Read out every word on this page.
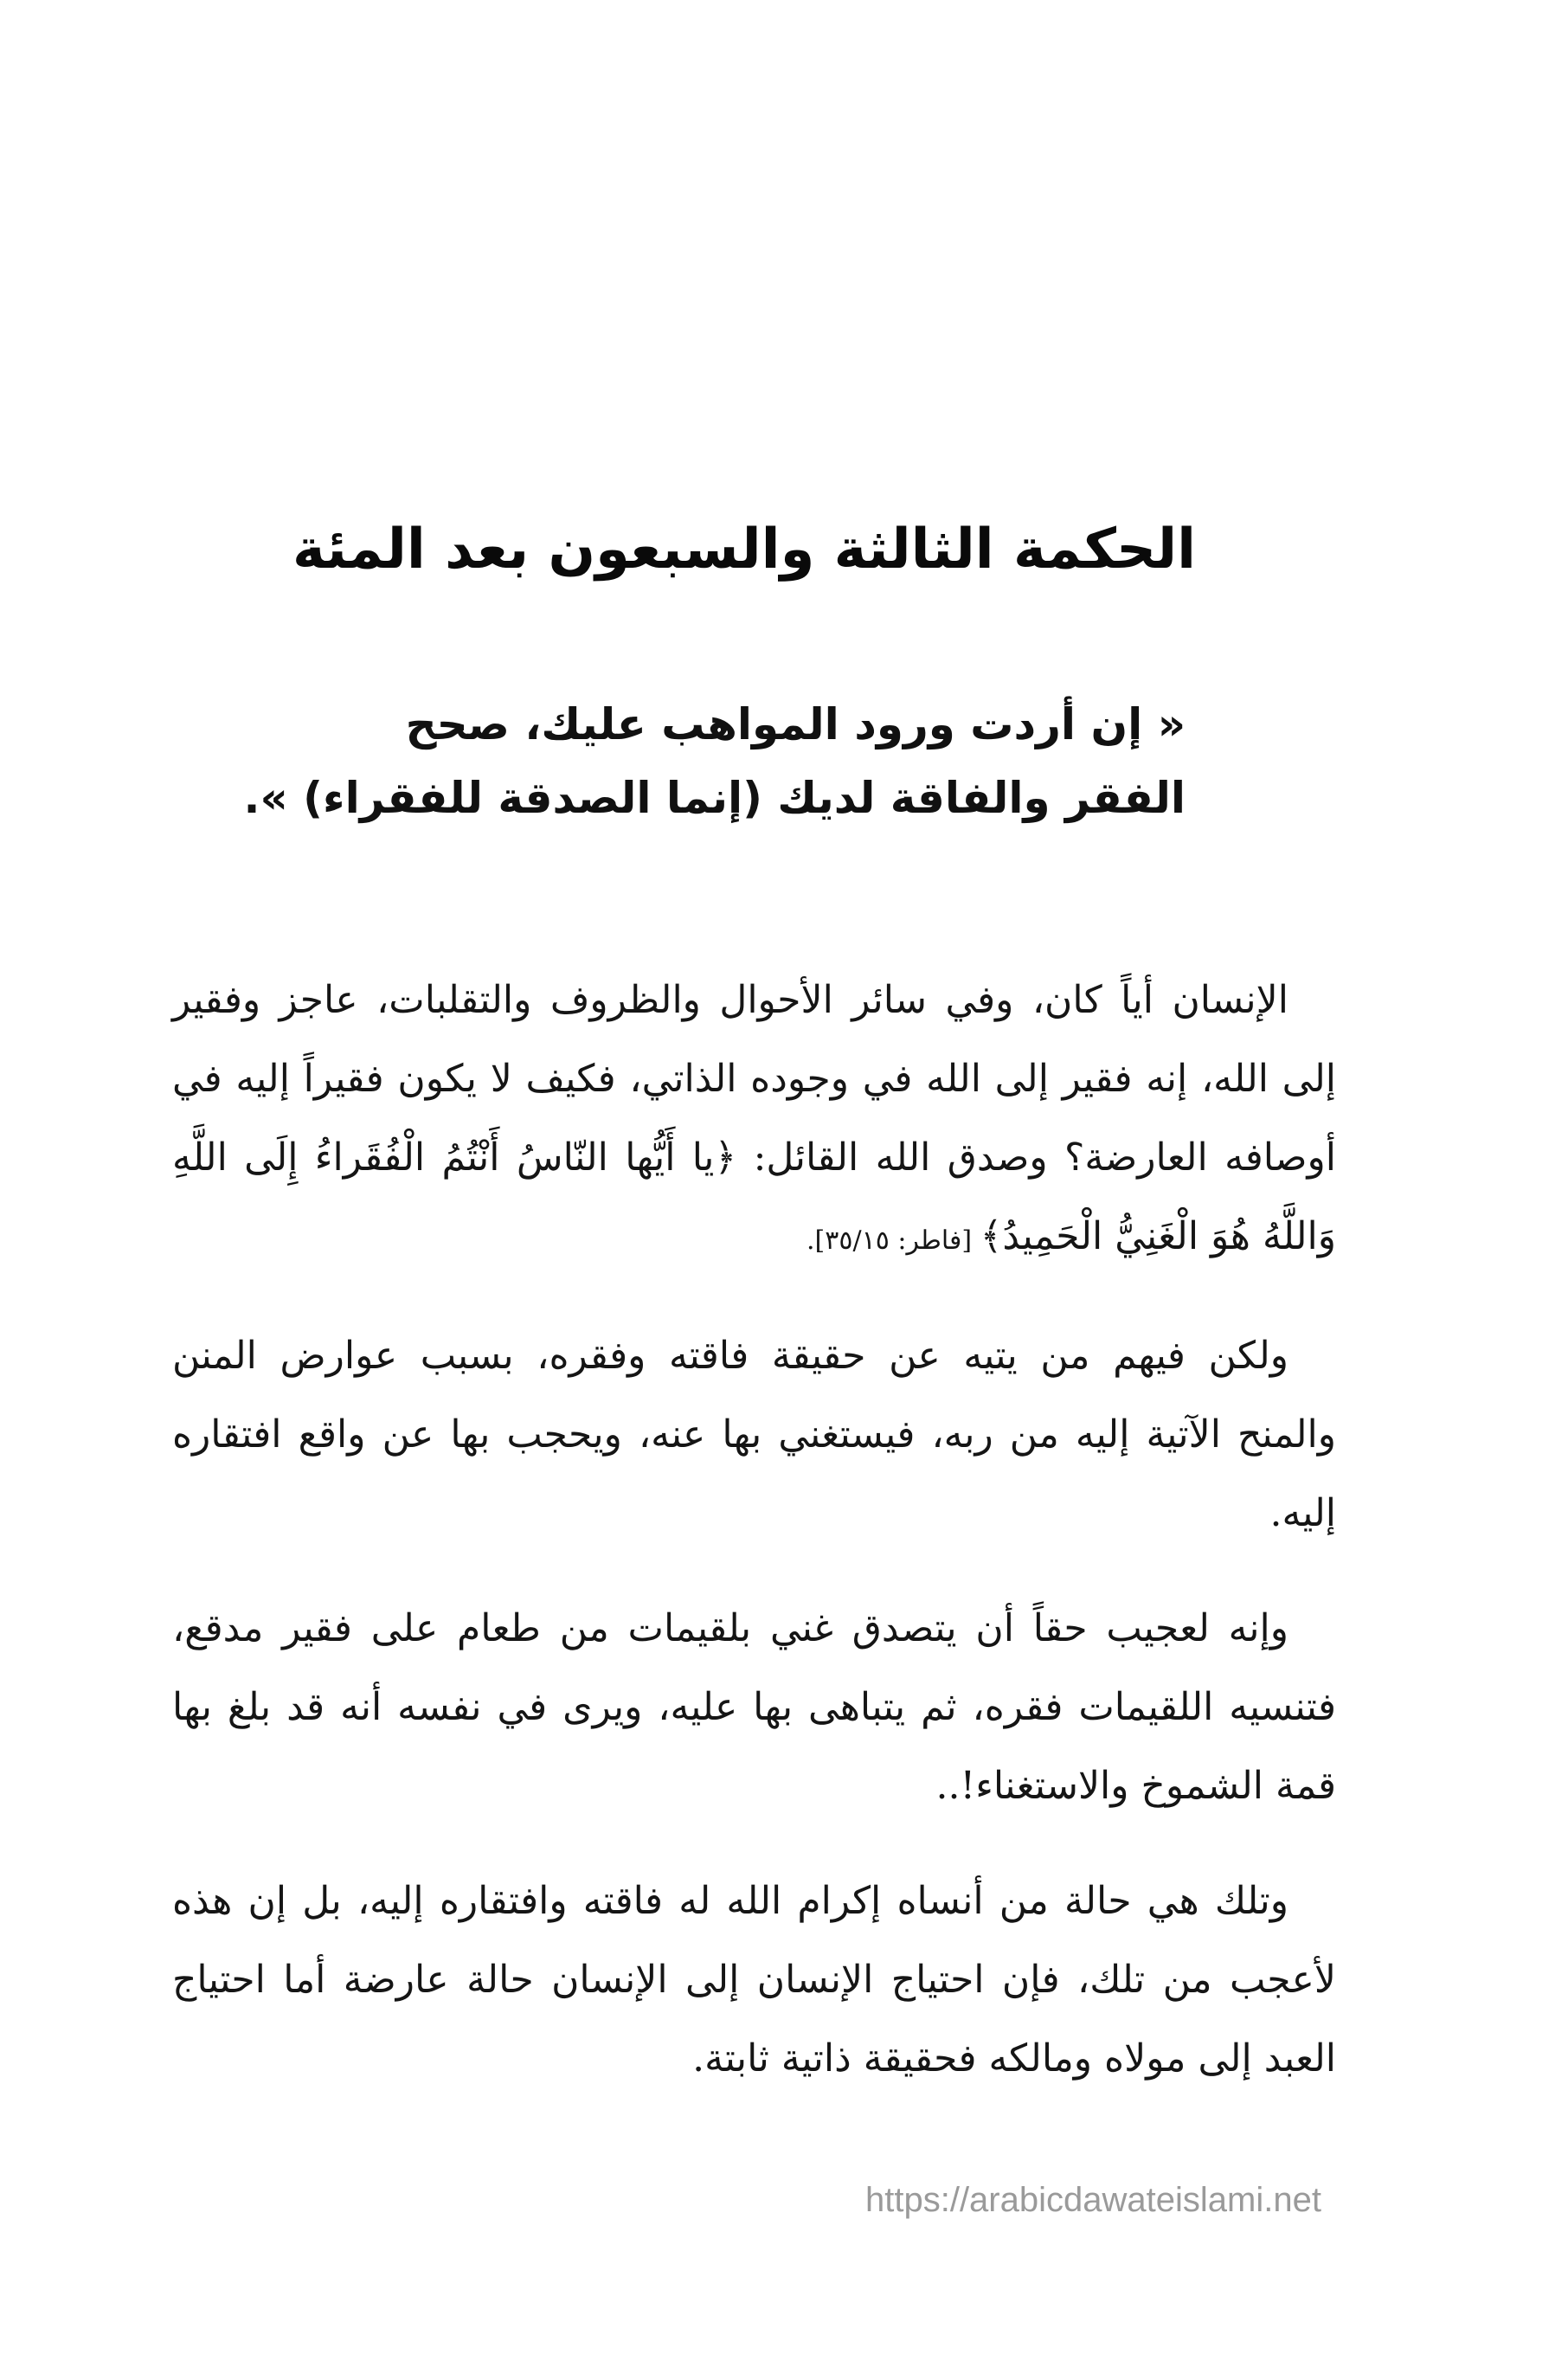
الحكمة الثالثة والسبعون بعد المئة
« إن أردت ورود المواهب عليك، صحح
الفقر والفاقة لديك (إنما الصدقة للفقراء) ».

الإنسان أياً كان، وفي سائر الأحوال والظروف والتقلبات، عاجز وفقير إلى الله، إنه فقير إلى الله في وجوده الذاتي، فكيف لا يكون فقيراً إليه في أوصافه العارضة؟ وصدق الله القائل: ﴿يا أَيُّها النّاسُ أَنْتُمُ الْفُقَراءُ إِلَى اللَّهِ وَاللَّهُ هُوَ الْغَنِيُّ الْحَمِيدُ﴾ [فاطر: ٣٥/١٥].

ولكن فيهم من يتيه عن حقيقة فاقته وفقره، بسبب عوارض المنن والمنح الآتية إليه من ربه، فيستغني بها عنه، ويحجب بها عن واقع افتقاره إليه.

وإنه لعجيب حقاً أن يتصدق غني بلقيمات من طعام على فقير مدقع، فتنسيه اللقيمات فقره، ثم يتباهى بها عليه، ويرى في نفسه أنه قد بلغ بها قمة الشموخ والاستغناء!..

وتلك هي حالة من أنساه إكرام الله له فاقته وافتقاره إليه، بل إن هذه لأعجب من تلك، فإن احتياج الإنسان إلى الإنسان حالة عارضة أما احتياج العبد إلى مولاه ومالكه فحقيقة ذاتية ثابتة.

https://arabicdawateislami.net
